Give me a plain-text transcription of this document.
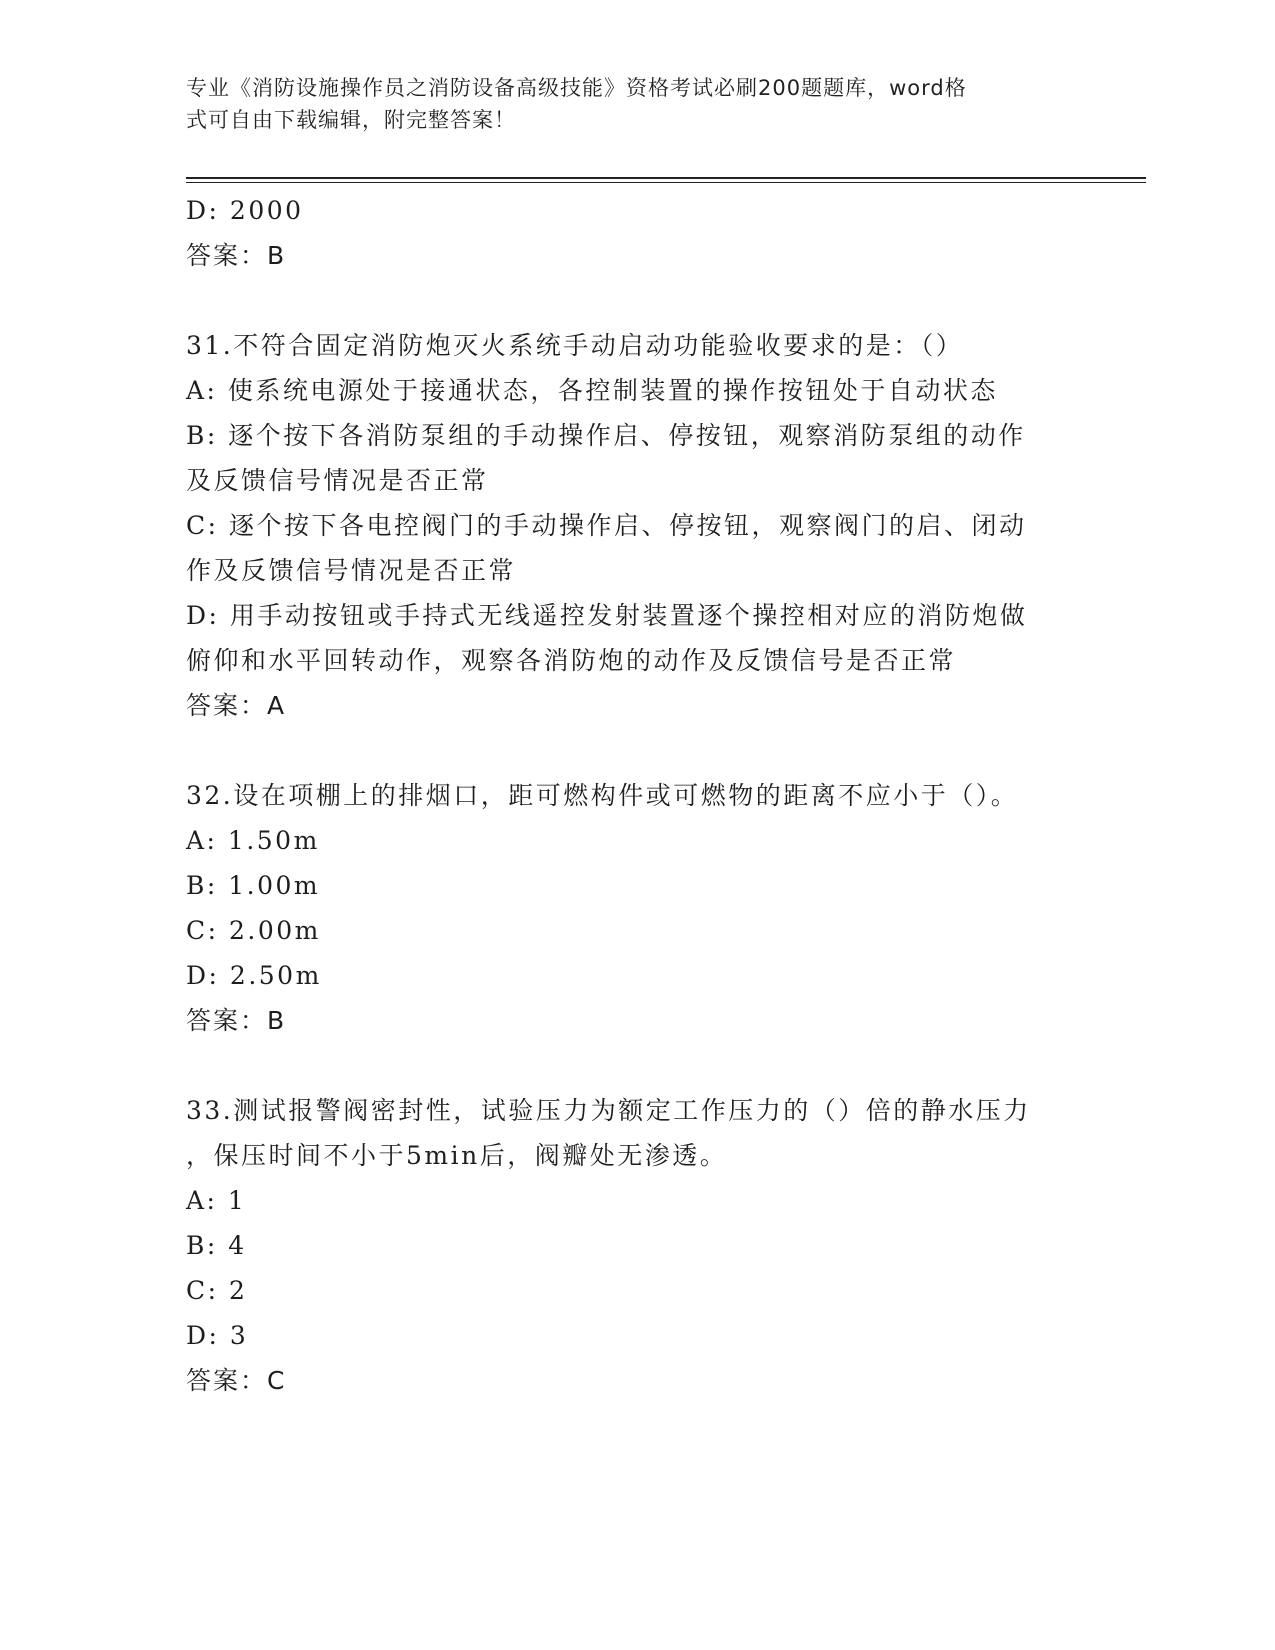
专业《消防设施操作员之消防设备高级技能》资格考试必刷200题题库，word格
式可自由下载编辑，附完整答案！
D: 2000
答案：B
31.不符合固定消防炮灭火系统手动启动功能验收要求的是：（）
A: 使系统电源处于接通状态，各控制装置的操作按钮处于自动状态
B: 逐个按下各消防泵组的手动操作启、停按钮，观察消防泵组的动作
及反馈信号情况是否正常
C: 逐个按下各电控阀门的手动操作启、停按钮，观察阀门的启、闭动
作及反馈信号情况是否正常
D: 用手动按钮或手持式无线遥控发射装置逐个操控相对应的消防炮做
俯仰和水平回转动作，观察各消防炮的动作及反馈信号是否正常
答案：A
32.设在项棚上的排烟口，距可燃构件或可燃物的距离不应小于（）。
A: 1.50m
B: 1.00m
C: 2.00m
D: 2.50m
答案：B
33.测试报警阀密封性，试验压力为额定工作压力的（）倍的静水压力
，保压时间不小于5min后，阀瓣处无渗透。
A: 1
B: 4
C: 2
D: 3
答案：C
